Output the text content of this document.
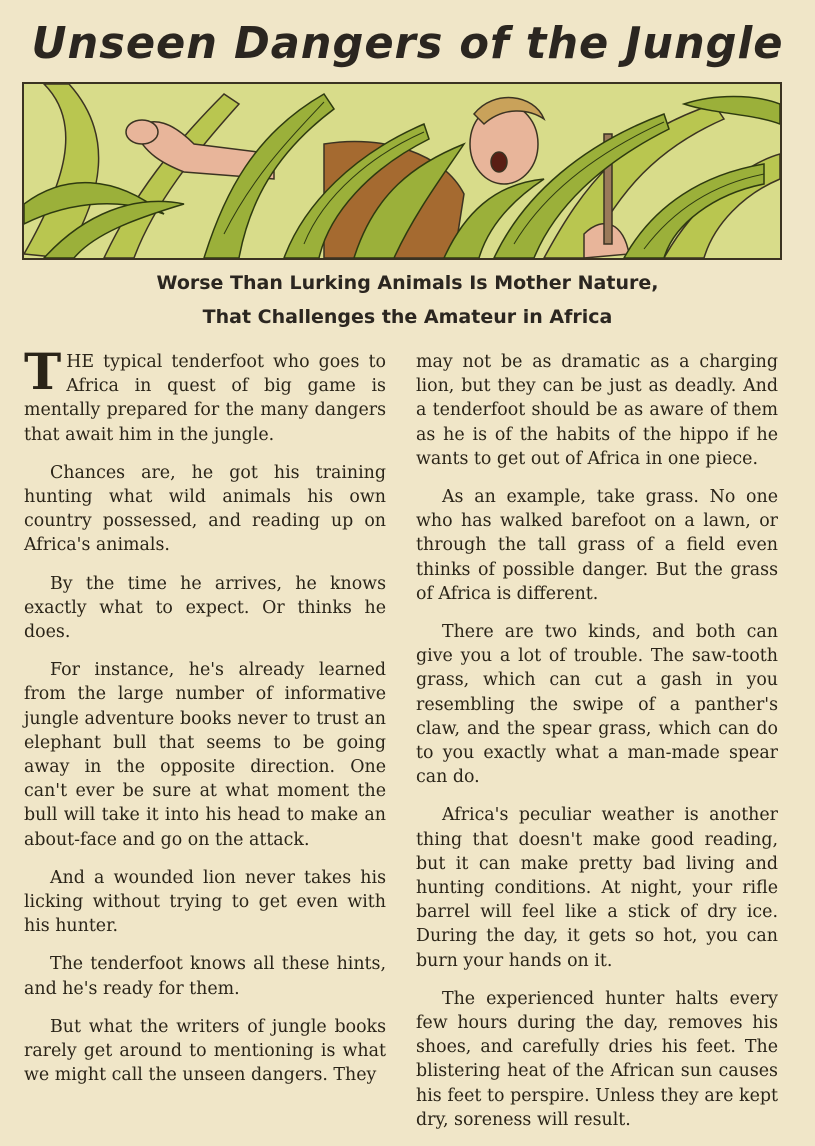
Unseen Dangers of the Jungle
Worse Than Lurking Animals Is Mother Nature,
That Challenges the Amateur in Africa

THE typical tenderfoot who goes to Africa in quest of big game is mentally prepared for the many dangers that await him in the jungle.

Chances are, he got his training hunting what wild animals his own country possessed, and reading up on Africa's animals.

By the time he arrives, he knows exactly what to expect. Or thinks he does.

For instance, he's already learned from the large number of informative jungle adventure books never to trust an elephant bull that seems to be going away in the opposite direction. One can't ever be sure at what moment the bull will take it into his head to make an about-face and go on the attack.

And a wounded lion never takes his licking without trying to get even with his hunter.

The tenderfoot knows all these hints, and he's ready for them.

But what the writers of jungle books rarely get around to mentioning is what we might call the unseen dangers. They

may not be as dramatic as a charging lion, but they can be just as deadly. And a tenderfoot should be as aware of them as he is of the habits of the hippo if he wants to get out of Africa in one piece.

As an example, take grass. No one who has walked barefoot on a lawn, or through the tall grass of a field even thinks of possible danger. But the grass of Africa is different.

There are two kinds, and both can give you a lot of trouble. The saw-tooth grass, which can cut a gash in you resembling the swipe of a panther's claw, and the spear grass, which can do to you exactly what a man-made spear can do.

Africa's peculiar weather is another thing that doesn't make good reading, but it can make pretty bad living and hunting conditions. At night, your rifle barrel will feel like a stick of dry ice. During the day, it gets so hot, you can burn your hands on it.

The experienced hunter halts every few hours during the day, removes his shoes, and carefully dries his feet. The blistering heat of the African sun causes his feet to perspire. Unless they are kept dry, soreness will result.
